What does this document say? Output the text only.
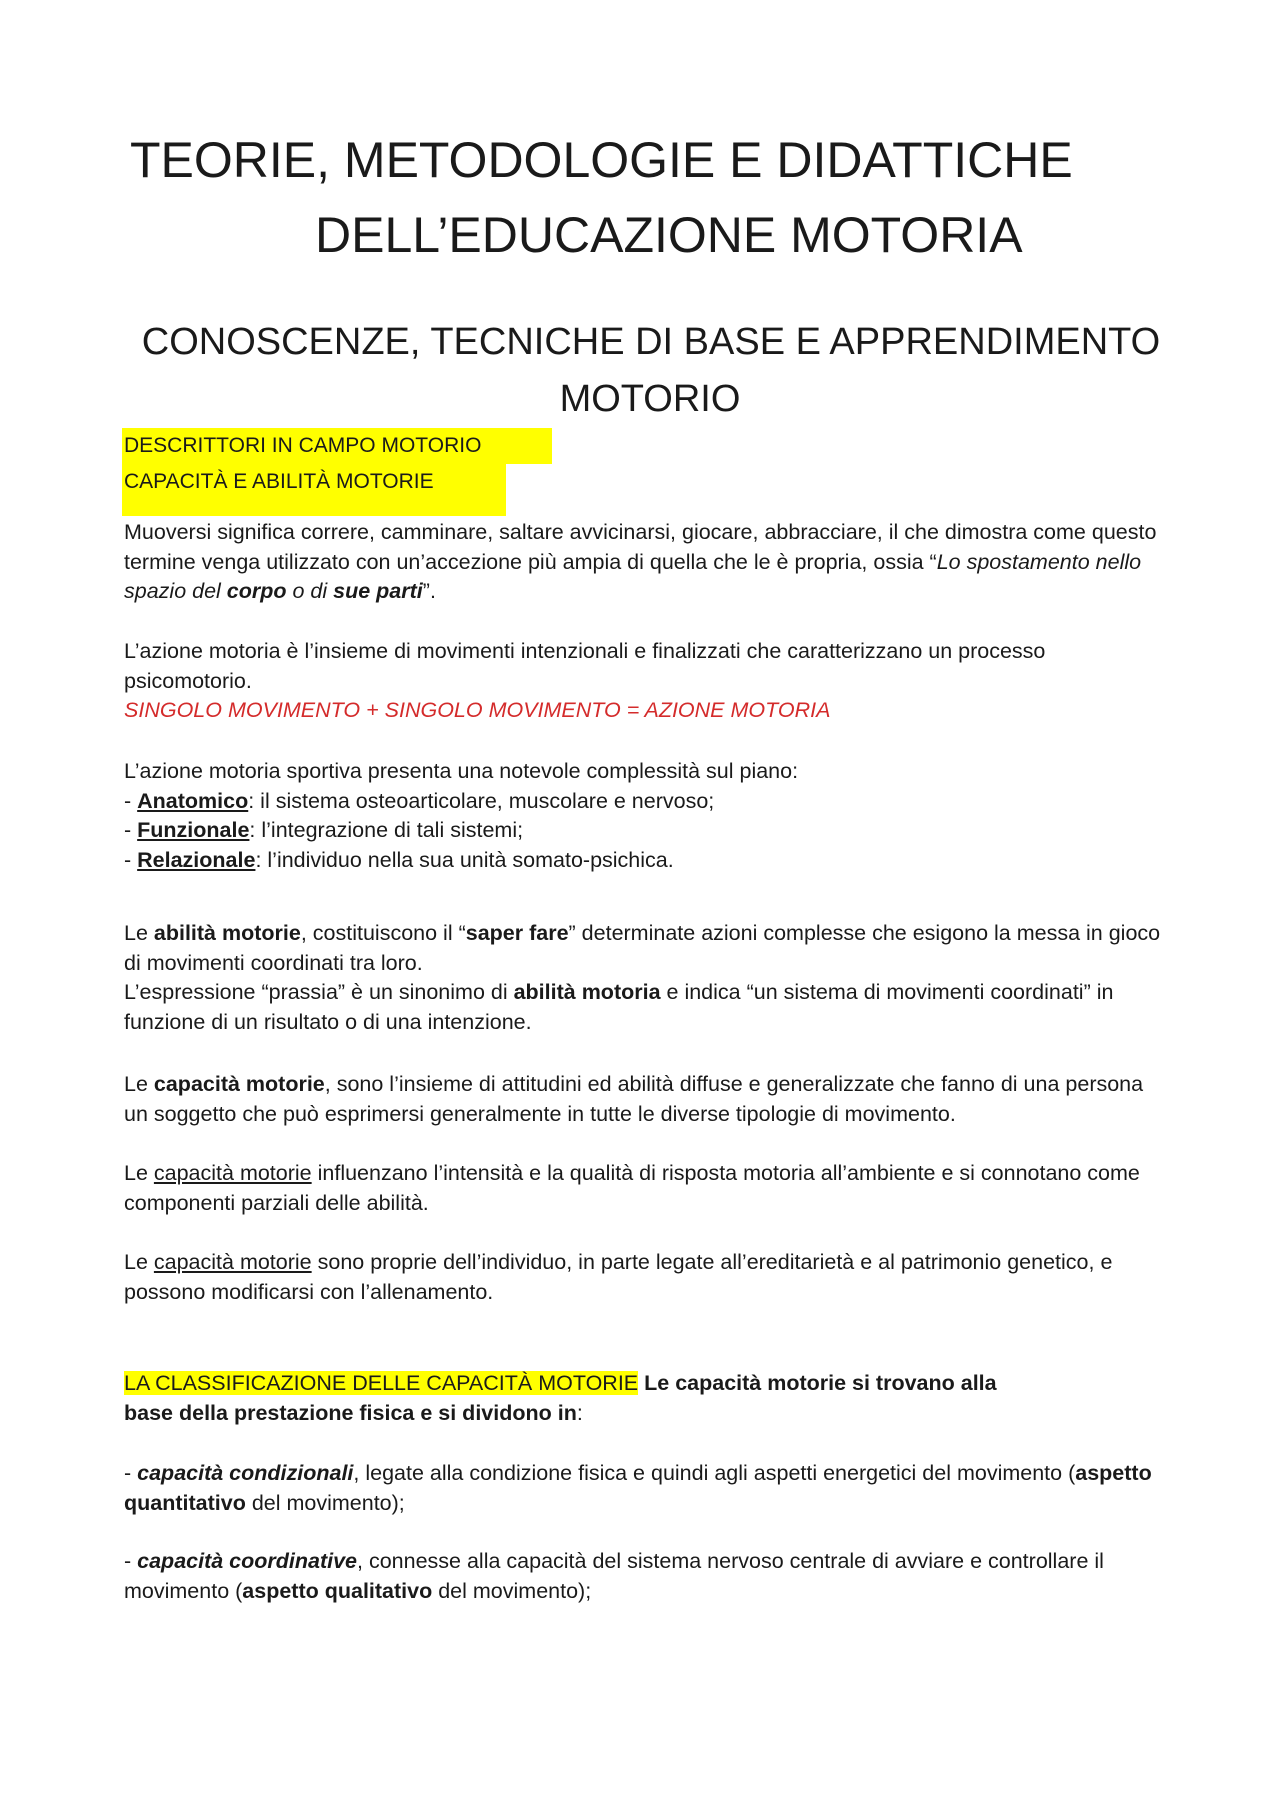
TEORIE, METODOLOGIE E DIDATTICHE
DELL’EDUCAZIONE MOTORIA
CONOSCENZE, TECNICHE DI BASE E APPRENDIMENTO
MOTORIO
DESCRITTORI IN CAMPO MOTORIO
CAPACITÀ E ABILITÀ MOTORIE

Muoversi significa correre, camminare, saltare avvicinarsi, giocare, abbracciare, il che dimostra come questo termine venga utilizzato con un’accezione più ampia di quella che le è propria, ossia “Lo spostamento nello spazio del corpo o di sue parti”.

L’azione motoria è l’insieme di movimenti intenzionali e finalizzati che caratterizzano un processo psicomotorio.

SINGOLO MOVIMENTO + SINGOLO MOVIMENTO = AZIONE MOTORIA

L’azione motoria sportiva presenta una notevole complessità sul piano:

- Anatomico: il sistema osteoarticolare, muscolare e nervoso;

- Funzionale: l’integrazione di tali sistemi;

- Relazionale: l’individuo nella sua unità somato-psichica.

Le abilità motorie, costituiscono il “saper fare” determinate azioni complesse che esigono la messa in gioco di movimenti coordinati tra loro.

L’espressione “prassia” è un sinonimo di abilità motoria e indica “un sistema di movimenti coordinati” in funzione di un risultato o di una intenzione.

Le capacità motorie, sono l’insieme di attitudini ed abilità diffuse e generalizzate che fanno di una persona un soggetto che può esprimersi generalmente in tutte le diverse tipologie di movimento.

Le capacità motorie influenzano l’intensità e la qualità di risposta motoria all’ambiente e si connotano come componenti parziali delle abilità.

Le capacità motorie sono proprie dell’individuo, in parte legate all’ereditarietà e al patrimonio genetico, e possono modificarsi con l’allenamento.

LA CLASSIFICAZIONE DELLE CAPACITÀ MOTORIE Le capacità motorie si trovano alla base della prestazione fisica e si dividono in:

- capacità condizionali, legate alla condizione fisica e quindi agli aspetti energetici del movimento (aspetto quantitativo del movimento);

- capacità coordinative, connesse alla capacità del sistema nervoso centrale di avviare e controllare il movimento (aspetto qualitativo del movimento);
